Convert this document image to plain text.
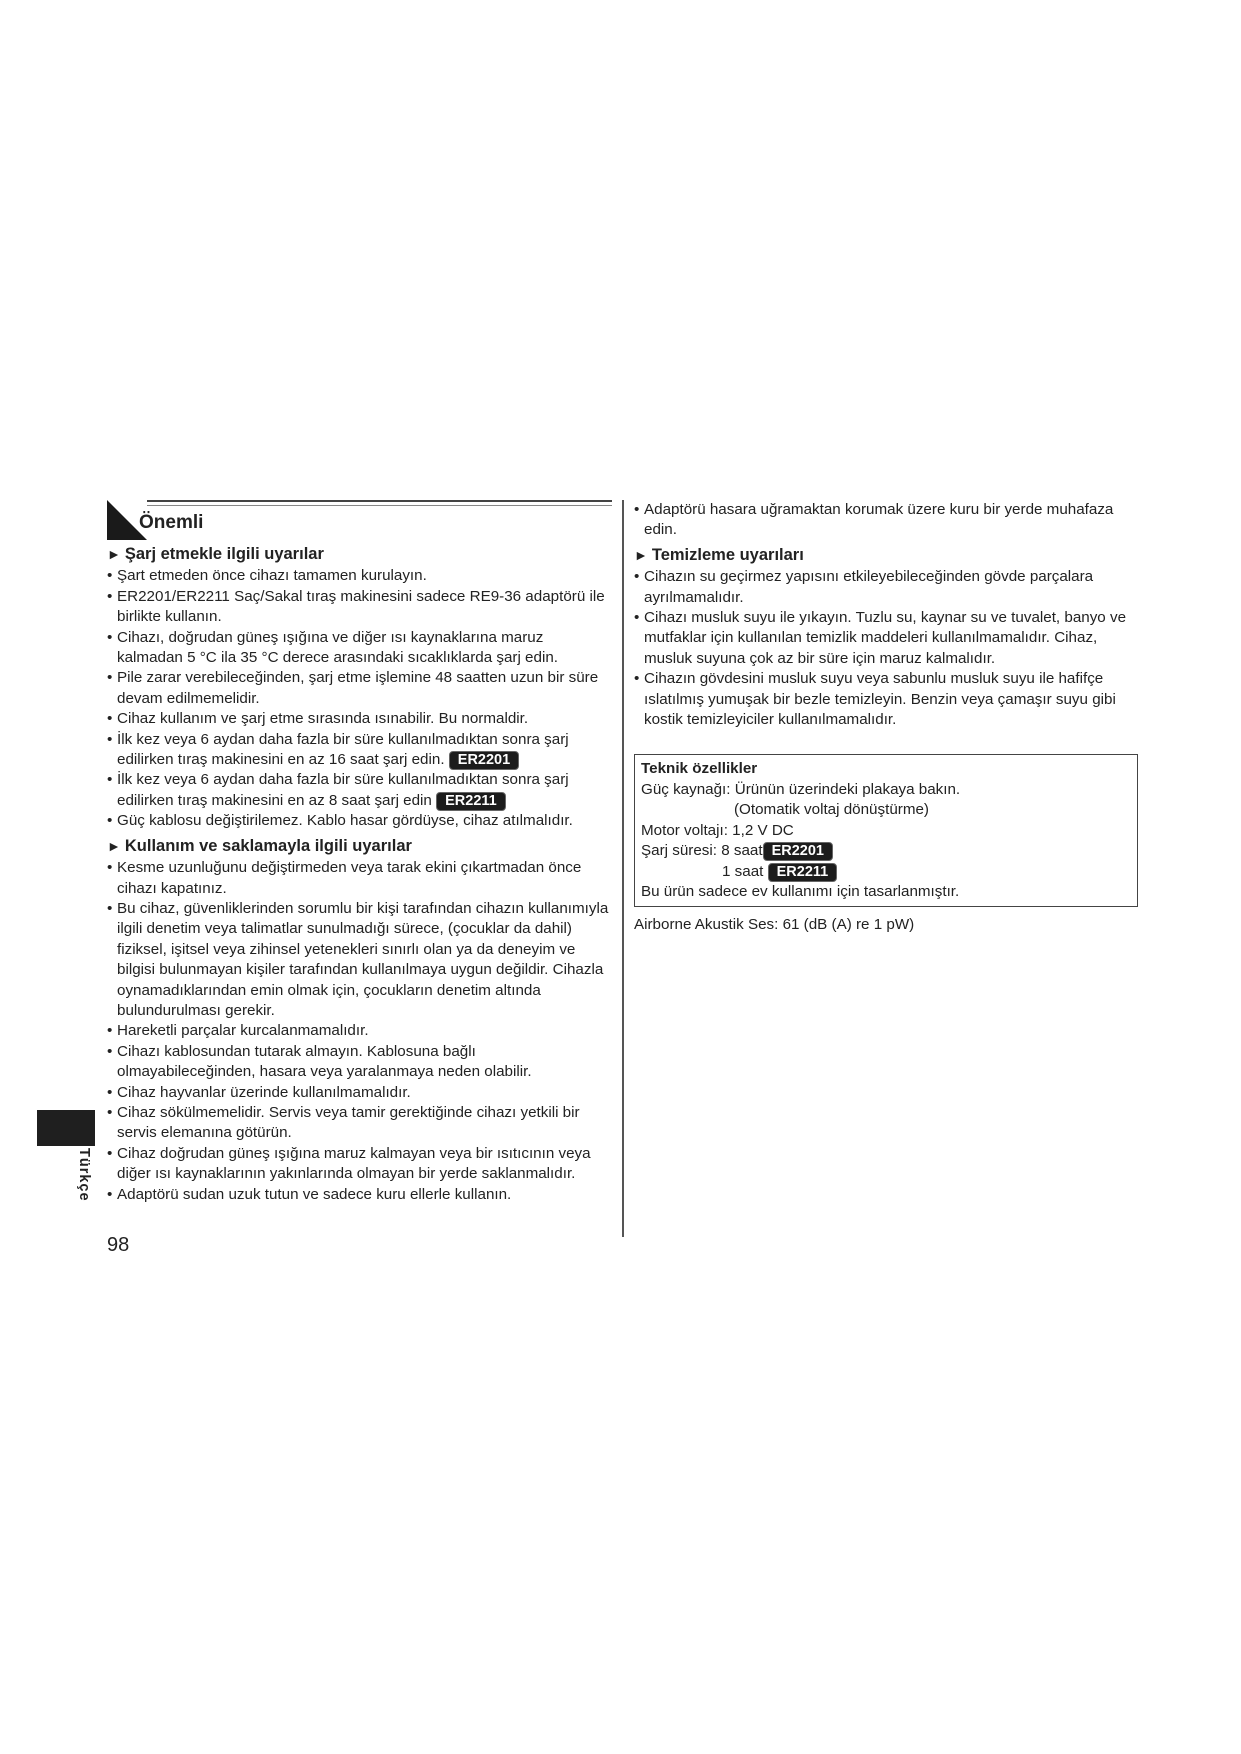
Önemli
► Şarj etmekle ilgili uyarılar
• Şart etmeden önce cihazı tamamen kurulayın.
• ER2201/ER2211 Saç/Sakal tıraş makinesini sadece RE9-36 adaptörü ile birlikte kullanın.
• Cihazı, doğrudan güneş ışığına ve diğer ısı kaynaklarına maruz kalmadan 5 °C ila 35 °C derece arasındaki sıcaklıklarda şarj edin.
• Pile zarar verebileceğinden, şarj etme işlemine 48 saatten uzun bir süre devam edilmemelidir.
• Cihaz kullanım ve şarj etme sırasında ısınabilir. Bu normaldir.
• İlk kez veya 6 aydan daha fazla bir süre kullanılmadıktan sonra şarj edilirken tıraş makinesini en az 16 saat şarj edin. ER2201
• İlk kez veya 6 aydan daha fazla bir süre kullanılmadıktan sonra şarj edilirken tıraş makinesini en az 8 saat şarj edin ER2211
• Güç kablosu değiştirilemez. Kablo hasar gördüyse, cihaz atılmalıdır.
► Kullanım ve saklamayla ilgili uyarılar
• Kesme uzunluğunu değiştirmeden veya tarak ekini çıkartmadan önce cihazı kapatınız.
• Bu cihaz, güvenliklerinden sorumlu bir kişi tarafından cihazın kullanımıyla ilgili denetim veya talimatlar sunulmadığı sürece, (çocuklar da dahil) fiziksel, işitsel veya zihinsel yetenekleri sınırlı olan ya da deneyim ve bilgisi bulunmayan kişiler tarafından kullanılmaya uygun değildir. Cihazla oynamadıklarından emin olmak için, çocukların denetim altında bulundurulması gerekir.
• Hareketli parçalar kurcalanmamalıdır.
• Cihazı kablosundan tutarak almayın. Kablosuna bağlı olmayabileceğinden, hasara veya yaralanmaya neden olabilir.
• Cihaz hayvanlar üzerinde kullanılmamalıdır.
• Cihaz sökülmemelidir. Servis veya tamir gerektiğinde cihazı yetkili bir servis elemanına götürün.
• Cihaz doğrudan güneş ışığına maruz kalmayan veya bir ısıtıcının veya diğer ısı kaynaklarının yakınlarında olmayan bir yerde saklanmalıdır.
• Adaptörü sudan uzuk tutun ve sadece kuru ellerle kullanın.
• Adaptörü hasara uğramaktan korumak üzere kuru bir yerde muhafaza edin.
► Temizleme uyarıları
• Cihazın su geçirmez yapısını etkileyebileceğinden gövde parçalara ayrılmamalıdır.
• Cihazı musluk suyu ile yıkayın. Tuzlu su, kaynar su ve tuvalet, banyo ve mutfaklar için kullanılan temizlik maddeleri kullanılmamalıdır. Cihaz, musluk suyuna çok az bir süre için maruz kalmalıdır.
• Cihazın gövdesini musluk suyu veya sabunlu musluk suyu ile hafifçe ıslatılmış yumuşak bir bezle temizleyin. Benzin veya çamaşır suyu gibi kostik temizleyiciler kullanılmamalıdır.
Teknik özellikler
Güç kaynağı: Ürünün üzerindeki plakaya bakın.
(Otomatik voltaj dönüştürme)
Motor voltajı: 1,2 V DC
Şarj süresi: 8 saat ER2201
1 saat ER2211
Bu ürün sadece ev kullanımı için tasarlanmıştır.
Airborne Akustik Ses: 61 (dB (A) re 1 pW)
Türkçe
98
